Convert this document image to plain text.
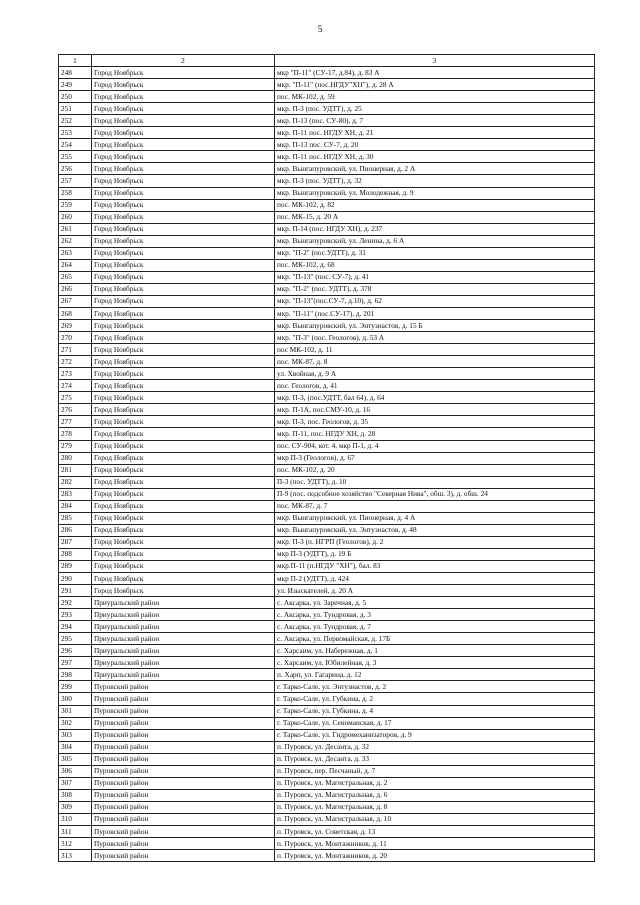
5
1	2	3
248	Город Ноябрьск	мкр "П-11" (СУ-17, д.84), д. 83 А
249	Город Ноябрьск	мкр. "П-11" (пос.НГДУ"ХН"), д. 28 А
250	Город Ноябрьск	пос. МК-102, д. 59
251	Город Ноябрьск	мкр. П-3 (пос. УДТТ), д. 25
252	Город Ноябрьск	мкр. П-13 (пос. СУ-80), д. 7
253	Город Ноябрьск	мкр. П-11 пос. НГДУ ХН, д. 21
254	Город Ноябрьск	мкр. П-13 пос. СУ-7, д. 20
255	Город Ноябрьск	мкр. П-11 пос. НГДУ ХН, д. 30
256	Город Ноябрьск	мкр. Вынгапуровский, ул. Пионерная, д. 2 А
257	Город Ноябрьск	мкр. П-3 (пос. УДТТ), д. 32
258	Город Ноябрьск	мкр. Вынгапуровский, ул. Молодежная, д. 9
259	Город Ноябрьск	пос. МК-102, д. 82
260	Город Ноябрьск	пос. МК-15, д. 20 А
261	Город Ноябрьск	мкр. П-14 (пос. НГДУ ХН), д. 237
262	Город Ноябрьск	мкр. Вынгапуровский, ул. Ленина, д. 6 А
263	Город Ноябрьск	мкр. "П-2" (пос.УДТТ), д. 31
264	Город Ноябрьск	пос. МК-102, д. 68
265	Город Ноябрьск	мкр. "П-13" (пос. СУ-7), д. 41
266	Город Ноябрьск	мкр. "П-2" (пос. УДТТ), д. 378
267	Город Ноябрьск	мкр. "П-13"(пос.СУ-7, д.10), д. 62
268	Город Ноябрьск	мкр. "П-11" (пос.СУ-17), д. 201
269	Город Ноябрьск	мкр. Вынгапуровский, ул. Энтузиастов, д. 15 Б
270	Город Ноябрьск	мкр. "П-3" (пос. Геологов), д. 53 А
271	Город Ноябрьск	пос МК-102, д. 11
272	Город Ноябрьск	пос. МК-87, д. 8
273	Город Ноябрьск	ул. Хвойная, д. 9 А
274	Город Ноябрьск	пос. Геологов, д. 41
275	Город Ноябрьск	мкр. П-3, (пос.УДТТ, бал 64), д. 64
276	Город Ноябрьск	мкр. П-1А, пос.СМУ-10, д. 16
277	Город Ноябрьск	мкр. П-3, пос. Геологов, д. 35
278	Город Ноябрьск	мкр. П-11, пос. НГДУ ХН, д. 28
279	Город Ноябрьск	пос. СУ-904, кот. 4, мкр П-1, д. 4
280	Город Ноябрьск	мкр П-3 (Геологов), д. 67
281	Город Ноябрьск	пос. МК-102, д. 20
282	Город Ноябрьск	П-3 (пос. УДТТ), д. 10
283	Город Ноябрьск	П-9 (пос. подсобное хозяйство "Северная Нива", обш. 3), д. обш. 24
284	Город Ноябрьск	пос. МК-87, д. 7
285	Город Ноябрьск	мкр. Вынгапуровский, ул. Пионерная, д. 4 А
286	Город Ноябрьск	мкр. Вынгапуровский, ул. Энтузиастов, д. 48
287	Город Ноябрьск	мкр. П-3 (п. НГРП (Геологов), д. 2
288	Город Ноябрьск	мкр П-3 (УДТТ), д. 19 Б
289	Город Ноябрьск	мкр.П-11 (п.НГДУ "ХН"), бал. 83
290	Город Ноябрьск	мкр П-2 (УДТТ), д. 424
291	Город Ноябрьск	ул. Изыскателей, д. 20 А
292	Приуральский район	с. Аксарка, ул. Заречная, д. 5
293	Приуральский район	с. Аксарка, ул. Тундровая, д. 3
294	Приуральский район	с. Аксарка, ул. Тундровая, д. 7
295	Приуральский район	с. Аксарка, ул. Первомайская, д. 17Б
296	Приуральский район	с. Харсаим, ул. Набережная, д. 1
297	Приуральский район	с. Харсаим, ул. Юбилейная, д. 3
298	Приуральский район	п. Харп, ул. Гагарина, д. 12
299	Пуровский район	г. Тарко-Сале, ул. Энтузиастов, д. 2
300	Пуровский район	г. Тарко-Сале, ул. Губкина, д. 2
301	Пуровский район	г. Тарко-Сале, ул. Губкина, д. 4
302	Пуровский район	г. Тарко-Сале, ул. Сеноманская, д. 17
303	Пуровский район	г. Тарко-Сале, ул. Гидромеханизаторов, д. 9
304	Пуровский район	п. Пуровск, ул. Десанта, д. 32
305	Пуровский район	п. Пуровск, ул. Десанта, д. 33
306	Пуровский район	п. Пуровск, пер. Песчаный, д. 7
307	Пуровский район	п. Пуровск, ул. Магистральная, д. 2
308	Пуровский район	п. Пуровск, ул. Магистральная, д. 6
309	Пуровский район	п. Пуровск, ул. Магистральная, д. 8
310	Пуровский район	п. Пуровск, ул. Магистральная, д. 10
311	Пуровский район	п. Пуровск, ул. Советская, д. 13
312	Пуровский район	п. Пуровск, ул. Монтажников, д. 11
313	Пуровский район	п. Пуровск, ул. Монтажников, д. 20
